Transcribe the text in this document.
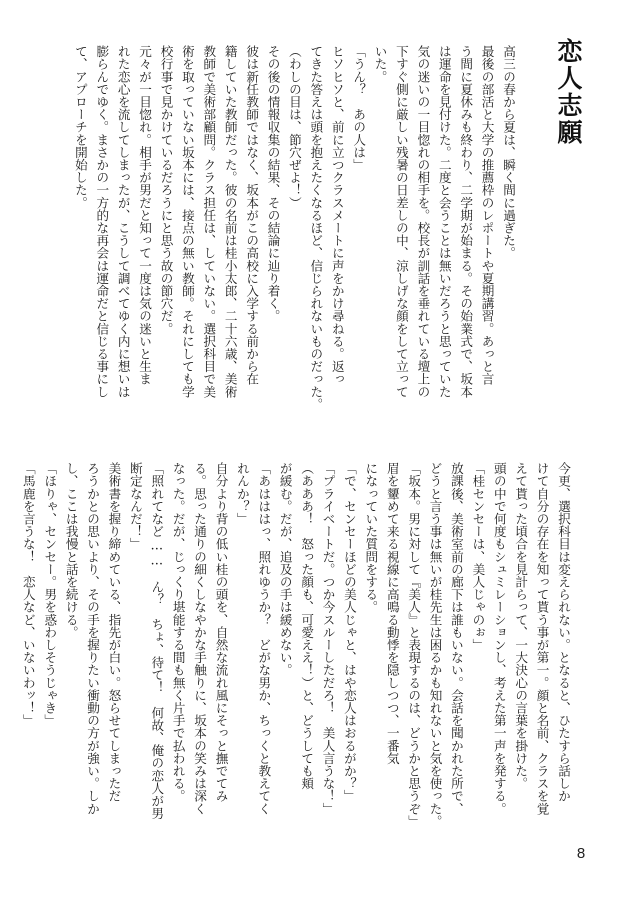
恋人志願
高三の春から夏は、瞬く間に過ぎた。
最後の部活と大学の推薦枠のレポートや夏期講習。あっと言
う間に夏休みも終わり、二学期が始まる。その始業式で、坂本
は運命を見付けた。二度と会うことは無いだろうと思っていた
気の迷いの一目惚れの相手を。校長が訓話を垂れている壇上の
下すぐ側に厳しい残暑の日差しの中、涼しげな顔をして立って
いた。
「うん？　あの人は」
ヒソヒソと、前に立つクラスメートに声をかけ尋ねる。返っ
てきた答えは頭を抱えたくなるほど、信じられないものだった。
（わしの目は、節穴ぜよ！）
その後の情報収集の結果、その結論に辿り着く。
彼は新任教師ではなく、坂本がこの高校に入学する前から在
籍していた教師だった。彼の名前は桂小太郎、二十六歳、美術
教師で美術部顧問。クラス担任は、していない。選択科目で美
術を取っていない坂本には、接点の無い教師。それにしても学
校行事で見かけているだろうにと思う故の節穴だ。
元々が一目惚れ。相手が男だと知って一度は気の迷いと生ま
れた恋心を流してしまったが、こうして調べてゆく内に想いは
膨らんでゆく。まさかの一方的な再会は運命だと信じる事にし
て、アプローチを開始した。
今更、選択科目は変えられない。となると、ひたすら話しか
けて自分の存在を知って貰う事が第一。顔と名前、クラスを覚
えて貰った頃合を見計らって、一大決心の言葉を掛けた。
頭の中で何度もシュミレーションし、考えた第一声を発する。
「桂センセーは、美人じゃのぉ」
放課後、美術室前の廊下は誰もいない。会話を聞かれた所で、
どうと言う事は無いが桂先生は困るかも知れないと気を使った。
「坂本。男に対して『美人』と表現するのは、どうかと思うぞ」
眉を顰めて来る視線に高鳴る動悸を隠しつつ、一番気
になっていた質問をする。
「で、センセーほどの美人じゃと、はや恋人はおるがか？」
「プライベートだ。つか今スルーしただろ！　美人言うな！」
（あああ！　怒った顔も、可愛ええ！）と、どうしても頬
が緩む。だが、追及の手は緩めない。
「あはははっ、照れゆうか？　どがな男か、ちっくと教えてく
れんか？」
自分より背の低い桂の頭を、自然な流れ風にそっと撫でてみ
る。思った通りの細くしなやかな手触りに、坂本の笑みは深く
なった。だが、じっくり堪能する間も無く片手で払われる。
「照れてなど……　ん？　ちょ、待て！　何故、俺の恋人が男
断定なんだ！」
美術書を握り締めている、指先が白い。怒らせてしまっただ
ろうかとの思いより、その手を握りたい衝動の方が強い。しか
し、ここは我慢と話を続ける。
「ほりゃ、センセー。男を惑わしそうじゃき」
「馬鹿を言うな！　恋人など、いないわッ！」
8
